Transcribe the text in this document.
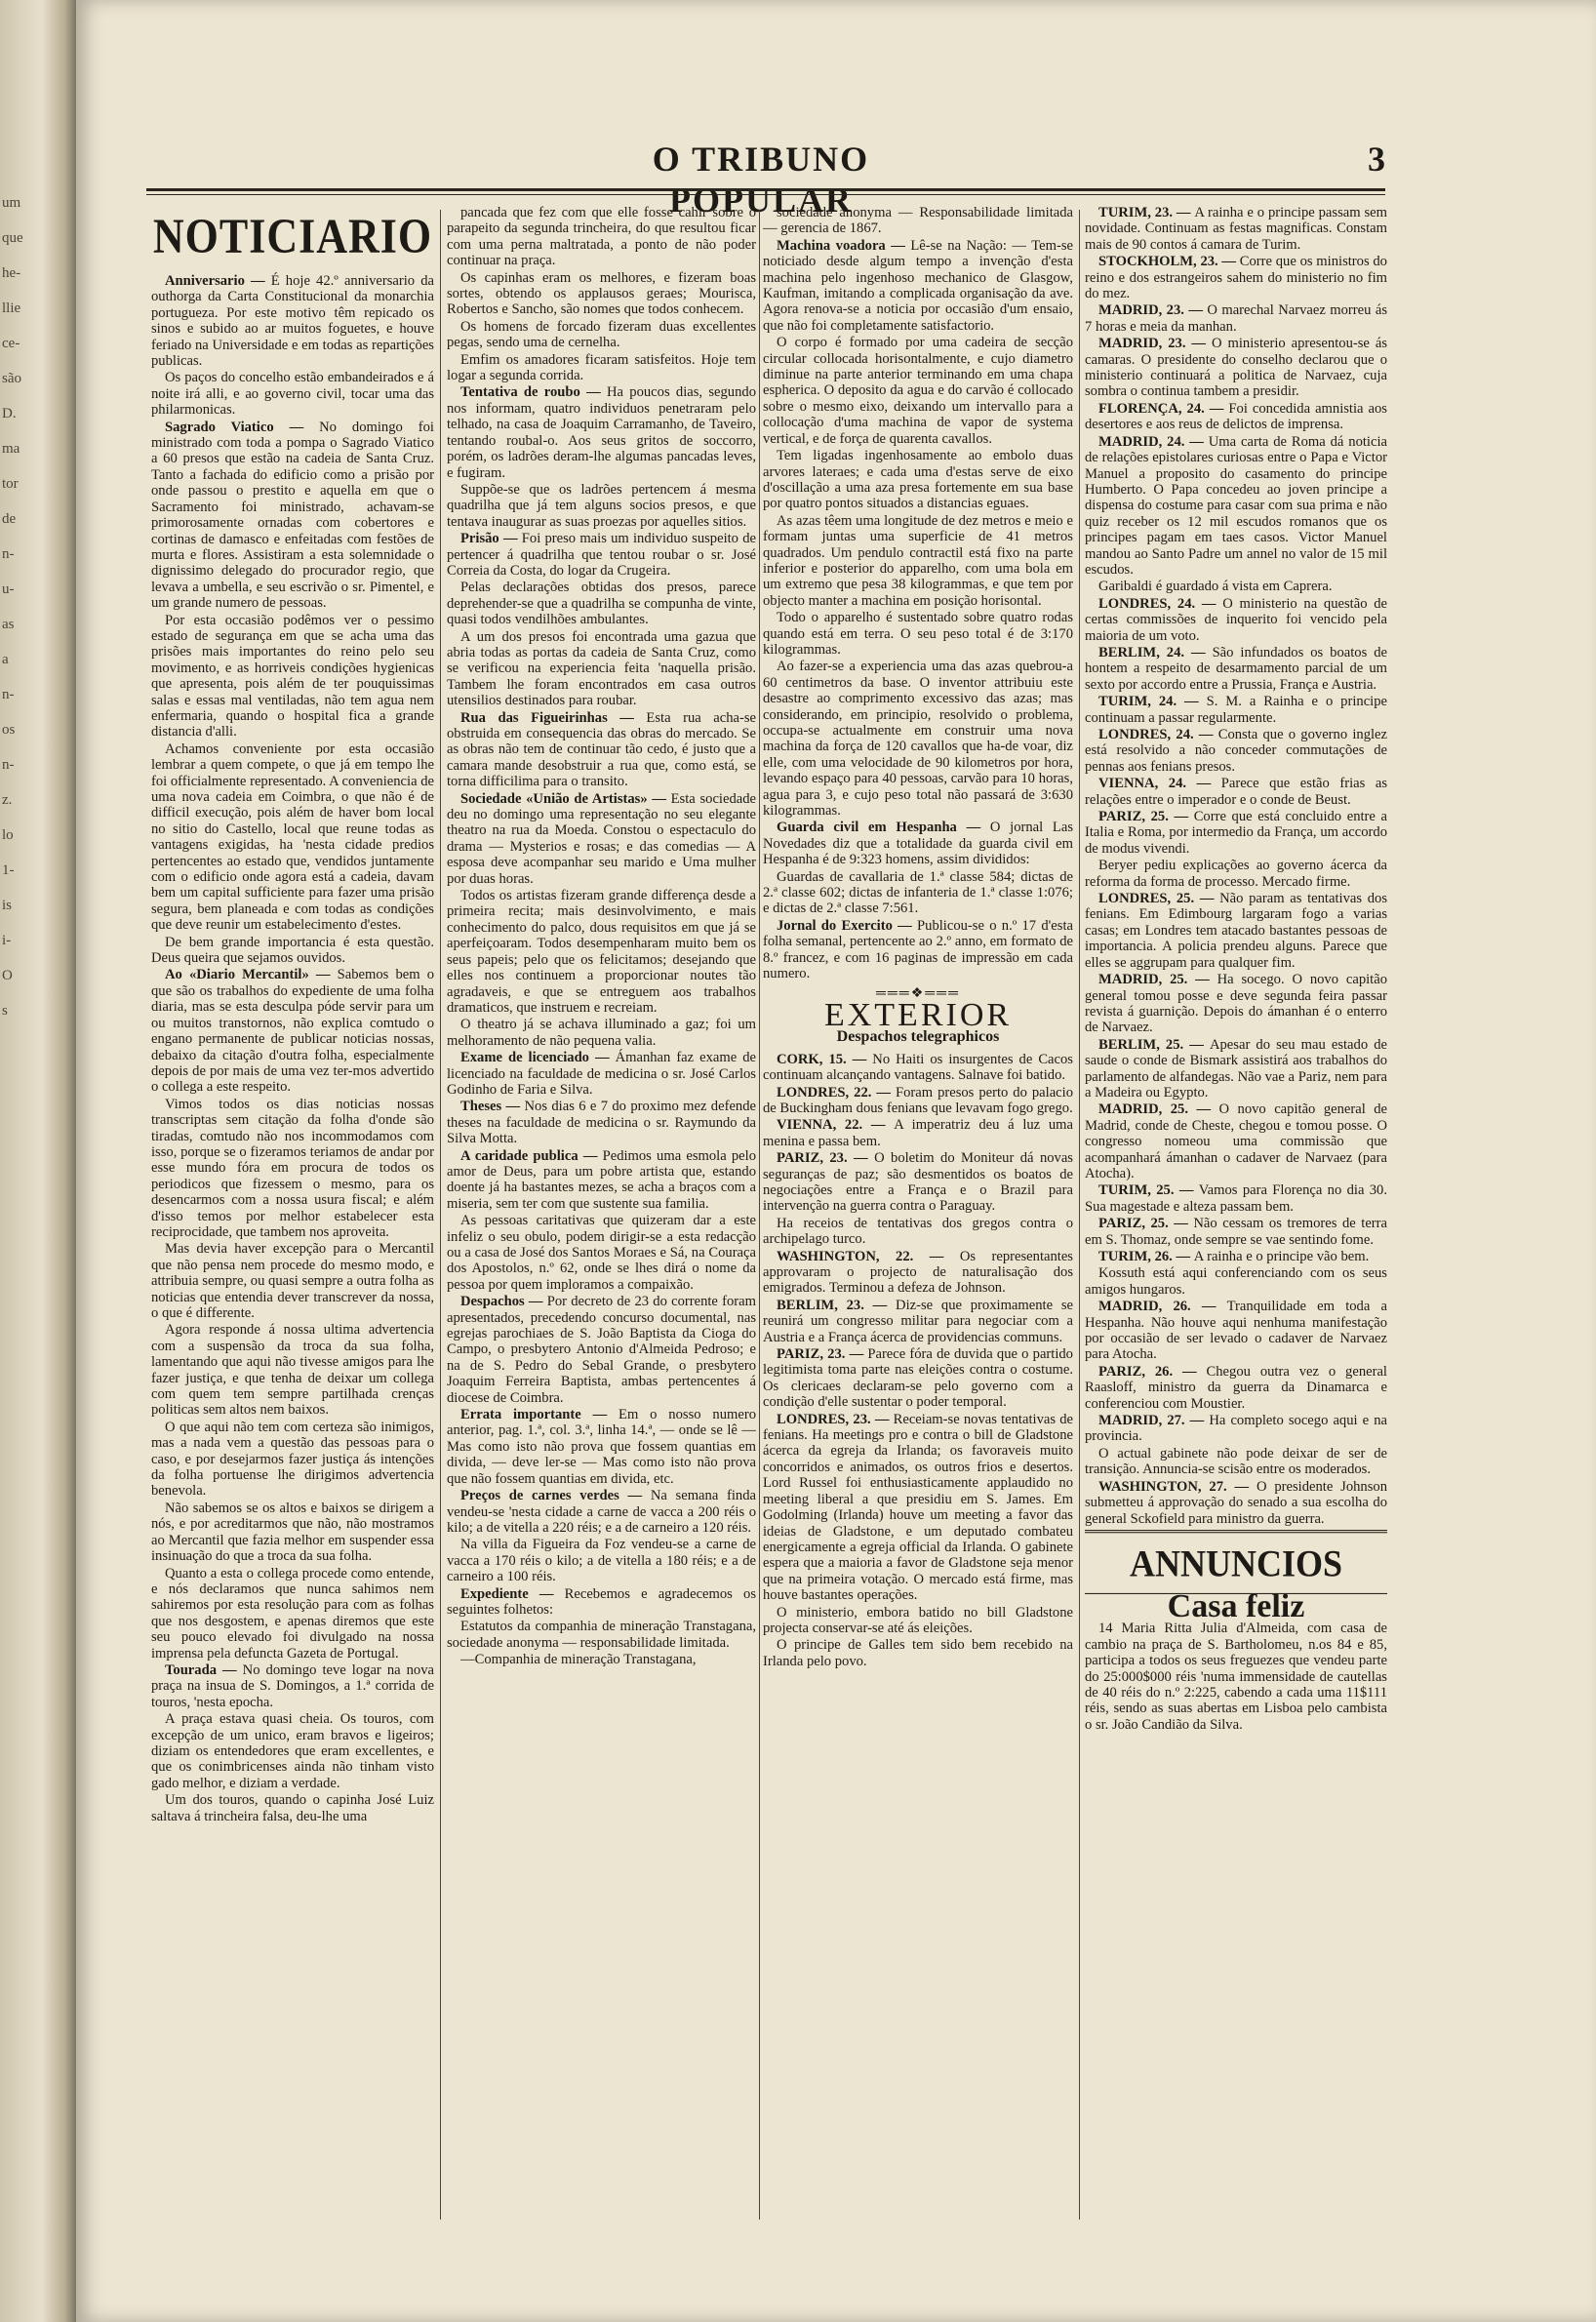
um
que
he-
llie
ce-
são
D.
ma
tor
de
n-
u-
as
a
n-
os
n-
z.
lo
1-
is
i-
O
s
O TRIBUNO POPULAR
3
NOTICIARIO

Anniversario — É hoje 42.º anniversario da outhorga da Carta Constitucional da monarchia portugueza. Por este motivo têm repicado os sinos e subido ao ar muitos foguetes, e houve feriado na Universidade e em todas as repartições publicas.

Os paços do concelho estão embandeirados e á noite irá alli, e ao governo civil, tocar uma das philarmonicas.

Sagrado Viatico — No domingo foi ministrado com toda a pompa o Sagrado Viatico a 60 presos que estão na cadeia de Santa Cruz. Tanto a fachada do edificio como a prisão por onde passou o prestito e aquella em que o Sacramento foi ministrado, achavam-se primorosamente ornadas com cobertores e cortinas de damasco e enfeitadas com festões de murta e flores. Assistiram a esta solemnidade o dignissimo delegado do procurador regio, que levava a umbella, e seu escrivão o sr. Pimentel, e um grande numero de pessoas.

Por esta occasião podêmos ver o pessimo estado de segurança em que se acha uma das prisões mais importantes do reino pelo seu movimento, e as horriveis condições hygienicas que apresenta, pois além de ter pouquissimas salas e essas mal ventiladas, não tem agua nem enfermaria, quando o hospital fica a grande distancia d'alli.

Achamos conveniente por esta occasião lembrar a quem compete, o que já em tempo lhe foi officialmente representado. A conveniencia de uma nova cadeia em Coimbra, o que não é de difficil execução, pois além de haver bom local no sitio do Castello, local que reune todas as vantagens exigidas, ha 'nesta cidade predios pertencentes ao estado que, vendidos juntamente com o edificio onde agora está a cadeia, davam bem um capital sufficiente para fazer uma prisão segura, bem planeada e com todas as condições que deve reunir um estabelecimento d'estes.

De bem grande importancia é esta questão. Deus queira que sejamos ouvidos.

Ao «Diario Mercantil» — Sabemos bem o que são os trabalhos do expediente de uma folha diaria, mas se esta desculpa póde servir para um ou muitos transtornos, não explica comtudo o engano permanente de publicar noticias nossas, debaixo da citação d'outra folha, especialmente depois de por mais de uma vez ter-mos advertido o collega a este respeito.

Vimos todos os dias noticias nossas transcriptas sem citação da folha d'onde são tiradas, comtudo não nos incommodamos com isso, porque se o fizeramos teriamos de andar por esse mundo fóra em procura de todos os periodicos que fizessem o mesmo, para os desencarmos com a nossa usura fiscal; e além d'isso temos por melhor estabelecer esta reciprocidade, que tambem nos aproveita.

Mas devia haver excepção para o Mercantil que não pensa nem procede do mesmo modo, e attribuia sempre, ou quasi sempre a outra folha as noticias que entendia dever transcrever da nossa, o que é differente.

Agora responde á nossa ultima advertencia com a suspensão da troca da sua folha, lamentando que aqui não tivesse amigos para lhe fazer justiça, e que tenha de deixar um collega com quem tem sempre partilhada crenças politicas sem altos nem baixos.

O que aqui não tem com certeza são inimigos, mas a nada vem a questão das pessoas para o caso, e por desejarmos fazer justiça ás intenções da folha portuense lhe dirigimos advertencia benevola.

Não sabemos se os altos e baixos se dirigem a nós, e por acreditarmos que não, não mostramos ao Mercantil que fazia melhor em suspender essa insinuação do que a troca da sua folha.

Quanto a esta o collega procede como entende, e nós declaramos que nunca sahimos nem sahiremos por esta resolução para com as folhas que nos desgostem, e apenas diremos que este seu pouco elevado foi divulgado na nossa imprensa pela defuncta Gazeta de Portugal.

Tourada — No domingo teve logar na nova praça na insua de S. Domingos, a 1.ª corrida de touros, 'nesta epocha.

A praça estava quasi cheia. Os touros, com excepção de um unico, eram bravos e ligeiros; diziam os entendedores que eram excellentes, e que os conimbricenses ainda não tinham visto gado melhor, e diziam a verdade.

Um dos touros, quando o capinha José Luiz saltava á trincheira falsa, deu-lhe uma

pancada que fez com que elle fosse cahir sobre o parapeito da segunda trincheira, do que resultou ficar com uma perna maltratada, a ponto de não poder continuar na praça.

Os capinhas eram os melhores, e fizeram boas sortes, obtendo os applausos geraes; Mourisca, Robertos e Sancho, são nomes que todos conhecem.

Os homens de forcado fizeram duas excellentes pegas, sendo uma de cernelha.

Emfim os amadores ficaram satisfeitos. Hoje tem logar a segunda corrida.

Tentativa de roubo — Ha poucos dias, segundo nos informam, quatro individuos penetraram pelo telhado, na casa de Joaquim Carramanho, de Taveiro, tentando roubal-o. Aos seus gritos de soccorro, porém, os ladrões deram-lhe algumas pancadas leves, e fugiram.

Suppõe-se que os ladrões pertencem á mesma quadrilha que já tem alguns socios presos, e que tentava inaugurar as suas proezas por aquelles sitios.

Prisão — Foi preso mais um individuo suspeito de pertencer á quadrilha que tentou roubar o sr. José Correia da Costa, do logar da Crugeira.

Pelas declarações obtidas dos presos, parece deprehender-se que a quadrilha se compunha de vinte, quasi todos vendilhões ambulantes.

A um dos presos foi encontrada uma gazua que abria todas as portas da cadeia de Santa Cruz, como se verificou na experiencia feita 'naquella prisão. Tambem lhe foram encontrados em casa outros utensilios destinados para roubar.

Rua das Figueirinhas — Esta rua acha-se obstruida em consequencia das obras do mercado. Se as obras não tem de continuar tão cedo, é justo que a camara mande desobstruir a rua que, como está, se torna difficilima para o transito.

Sociedade «União de Artistas» — Esta sociedade deu no domingo uma representação no seu elegante theatro na rua da Moeda. Constou o espectaculo do drama — Mysterios e rosas; e das comedias — A esposa deve acompanhar seu marido e Uma mulher por duas horas.

Todos os artistas fizeram grande differença desde a primeira recita; mais desinvolvimento, e mais conhecimento do palco, dous requisitos em que já se aperfeiçoaram. Todos desempenharam muito bem os seus papeis; pelo que os felicitamos; desejando que elles nos continuem a proporcionar noutes tão agradaveis, e que se entreguem aos trabalhos dramaticos, que instruem e recreiam.

O theatro já se achava illuminado a gaz; foi um melhoramento de não pequena valia.

Exame de licenciado — Ámanhan faz exame de licenciado na faculdade de medicina o sr. José Carlos Godinho de Faria e Silva.

Theses — Nos dias 6 e 7 do proximo mez defende theses na faculdade de medicina o sr. Raymundo da Silva Motta.

A caridade publica — Pedimos uma esmola pelo amor de Deus, para um pobre artista que, estando doente já ha bastantes mezes, se acha a braços com a miseria, sem ter com que sustente sua familia.

As pessoas caritativas que quizeram dar a este infeliz o seu obulo, podem dirigir-se a esta redacção ou a casa de José dos Santos Moraes e Sá, na Couraça dos Apostolos, n.º 62, onde se lhes dirá o nome da pessoa por quem imploramos a compaixão.

Despachos — Por decreto de 23 do corrente foram apresentados, precedendo concurso documental, nas egrejas parochiaes de S. João Baptista da Cioga do Campo, o presbytero Antonio d'Almeida Pedroso; e na de S. Pedro do Sebal Grande, o presbytero Joaquim Ferreira Baptista, ambas pertencentes á diocese de Coimbra.

Errata importante — Em o nosso numero anterior, pag. 1.ª, col. 3.ª, linha 14.ª, — onde se lê — Mas como isto não prova que fossem quantias em divida, — deve ler-se — Mas como isto não prova que não fossem quantias em divida, etc.

Preços de carnes verdes — Na semana finda vendeu-se 'nesta cidade a carne de vacca a 200 réis o kilo; a de vitella a 220 réis; e a de carneiro a 120 réis.

Na villa da Figueira da Foz vendeu-se a carne de vacca a 170 réis o kilo; a de vitella a 180 réis; e a de carneiro a 100 réis.

Expediente — Recebemos e agradecemos os seguintes folhetos:

Estatutos da companhia de mineração Transtagana, sociedade anonyma — responsabilidade limitada.

—Companhia de mineração Transtagana,

sociedade anonyma — Responsabilidade limitada — gerencia de 1867.

Machina voadora — Lê-se na Nação: — Tem-se noticiado desde algum tempo a invenção d'esta machina pelo ingenhoso mechanico de Glasgow, Kaufman, imitando a complicada organisação da ave. Agora renova-se a noticia por occasião d'um ensaio, que não foi completamente satisfactorio.

O corpo é formado por uma cadeira de secção circular collocada horisontalmente, e cujo diametro diminue na parte anterior terminando em uma chapa espherica. O deposito da agua e do carvão é collocado sobre o mesmo eixo, deixando um intervallo para a collocação d'uma machina de vapor de systema vertical, e de força de quarenta cavallos.

Tem ligadas ingenhosamente ao embolo duas arvores lateraes; e cada uma d'estas serve de eixo d'oscillação a uma aza presa fortemente em sua base por quatro pontos situados a distancias eguaes.

As azas têem uma longitude de dez metros e meio e formam juntas uma superficie de 41 metros quadrados. Um pendulo contractil está fixo na parte inferior e posterior do apparelho, com uma bola em um extremo que pesa 38 kilogrammas, e que tem por objecto manter a machina em posição horisontal.

Todo o apparelho é sustentado sobre quatro rodas quando está em terra. O seu peso total é de 3:170 kilogrammas.

Ao fazer-se a experiencia uma das azas quebrou-a 60 centimetros da base. O inventor attribuiu este desastre ao comprimento excessivo das azas; mas considerando, em principio, resolvido o problema, occupa-se actualmente em construir uma nova machina da força de 120 cavallos que ha-de voar, diz elle, com uma velocidade de 90 kilometros por hora, levando espaço para 40 pessoas, carvão para 10 horas, agua para 3, e cujo peso total não passará de 3:630 kilogrammas.

Guarda civil em Hespanha — O jornal Las Novedades diz que a totalidade da guarda civil em Hespanha é de 9:323 homens, assim divididos:

Guardas de cavallaria de 1.ª classe 584; dictas de 2.ª classe 602; dictas de infanteria de 1.ª classe 1:076; e dictas de 2.ª classe 7:561.

Jornal do Exercito — Publicou-se o n.º 17 d'esta folha semanal, pertencente ao 2.º anno, em formato de 8.º francez, e com 16 paginas de impressão em cada numero.

═══❖═══
EXTERIOR
Despachos telegraphicos

CORK, 15. — No Haiti os insurgentes de Cacos continuam alcançando vantagens. Salnave foi batido.

LONDRES, 22. — Foram presos perto do palacio de Buckingham dous fenians que levavam fogo grego.

VIENNA, 22. — A imperatriz deu á luz uma menina e passa bem.

PARIZ, 23. — O boletim do Moniteur dá novas seguranças de paz; são desmentidos os boatos de negociações entre a França e o Brazil para intervenção na guerra contra o Paraguay.

Ha receios de tentativas dos gregos contra o archipelago turco.

WASHINGTON, 22. — Os representantes approvaram o projecto de naturalisação dos emigrados. Terminou a defeza de Johnson.

BERLIM, 23. — Diz-se que proximamente se reunirá um congresso militar para negociar com a Austria e a França ácerca de providencias communs.

PARIZ, 23. — Parece fóra de duvida que o partido legitimista toma parte nas eleições contra o costume. Os clericaes declaram-se pelo governo com a condição d'elle sustentar o poder temporal.

LONDRES, 23. — Receiam-se novas tentativas de fenians. Ha meetings pro e contra o bill de Gladstone ácerca da egreja da Irlanda; os favoraveis muito concorridos e animados, os outros frios e desertos. Lord Russel foi enthusiasticamente applaudido no meeting liberal a que presidiu em S. James. Em Godolming (Irlanda) houve um meeting a favor das ideias de Gladstone, e um deputado combateu energicamente a egreja official da Irlanda. O gabinete espera que a maioria a favor de Gladstone seja menor que na primeira votação. O mercado está firme, mas houve bastantes operações.

O ministerio, embora batido no bill Gladstone projecta conservar-se até ás eleições.

O principe de Galles tem sido bem recebido na Irlanda pelo povo.

TURIM, 23. — A rainha e o principe passam sem novidade. Continuam as festas magnificas. Constam mais de 90 contos á camara de Turim.

STOCKHOLM, 23. — Corre que os ministros do reino e dos estrangeiros sahem do ministerio no fim do mez.

MADRID, 23. — O marechal Narvaez morreu ás 7 horas e meia da manhan.

MADRID, 23. — O ministerio apresentou-se ás camaras. O presidente do conselho declarou que o ministerio continuará a politica de Narvaez, cuja sombra o continua tambem a presidir.

FLORENÇA, 24. — Foi concedida amnistia aos desertores e aos reus de delictos de imprensa.

MADRID, 24. — Uma carta de Roma dá noticia de relações epistolares curiosas entre o Papa e Victor Manuel a proposito do casamento do principe Humberto. O Papa concedeu ao joven principe a dispensa do costume para casar com sua prima e não quiz receber os 12 mil escudos romanos que os principes pagam em taes casos. Victor Manuel mandou ao Santo Padre um annel no valor de 15 mil escudos.

Garibaldi é guardado á vista em Caprera.

LONDRES, 24. — O ministerio na questão de certas commissões de inquerito foi vencido pela maioria de um voto.

BERLIM, 24. — São infundados os boatos de hontem a respeito de desarmamento parcial de um sexto por accordo entre a Prussia, França e Austria.

TURIM, 24. — S. M. a Rainha e o principe continuam a passar regularmente.

LONDRES, 24. — Consta que o governo inglez está resolvido a não conceder commutações de pennas aos fenians presos.

VIENNA, 24. — Parece que estão frias as relações entre o imperador e o conde de Beust.

PARIZ, 25. — Corre que está concluido entre a Italia e Roma, por intermedio da França, um accordo de modus vivendi.

Beryer pediu explicações ao governo ácerca da reforma da forma de processo. Mercado firme.

LONDRES, 25. — Não param as tentativas dos fenians. Em Edimbourg largaram fogo a varias casas; em Londres tem atacado bastantes pessoas de importancia. A policia prendeu alguns. Parece que elles se aggrupam para qualquer fim.

MADRID, 25. — Ha socego. O novo capitão general tomou posse e deve segunda feira passar revista á guarnição. Depois do ámanhan é o enterro de Narvaez.

BERLIM, 25. — Apesar do seu mau estado de saude o conde de Bismark assistirá aos trabalhos do parlamento de alfandegas. Não vae a Pariz, nem para a Madeira ou Egypto.

MADRID, 25. — O novo capitão general de Madrid, conde de Cheste, chegou e tomou posse. O congresso nomeou uma commissão que acompanhará ámanhan o cadaver de Narvaez (para Atocha).

TURIM, 25. — Vamos para Florença no dia 30. Sua magestade e alteza passam bem.

PARIZ, 25. — Não cessam os tremores de terra em S. Thomaz, onde sempre se vae sentindo fome.

TURIM, 26. — A rainha e o principe vão bem.

Kossuth está aqui conferenciando com os seus amigos hungaros.

MADRID, 26. — Tranquilidade em toda a Hespanha. Não houve aqui nenhuma manifestação por occasião de ser levado o cadaver de Narvaez para Atocha.

PARIZ, 26. — Chegou outra vez o general Raasloff, ministro da guerra da Dinamarca e conferenciou com Moustier.

MADRID, 27. — Ha completo socego aqui e na provincia.

O actual gabinete não pode deixar de ser de transição. Annuncia-se scisão entre os moderados.

WASHINGTON, 27. — O presidente Johnson submetteu á approvação do senado a sua escolha do general Sckofield para ministro da guerra.

ANNUNCIOS
Casa feliz

14 Maria Ritta Julia d'Almeida, com casa de cambio na praça de S. Bartholomeu, n.os 84 e 85, participa a todos os seus freguezes que vendeu parte do 25:000$000 réis 'numa immensidade de cautellas de 40 réis do n.º 2:225, cabendo a cada uma 11$111 réis, sendo as suas abertas em Lisboa pelo cambista o sr. João Candião da Silva.
